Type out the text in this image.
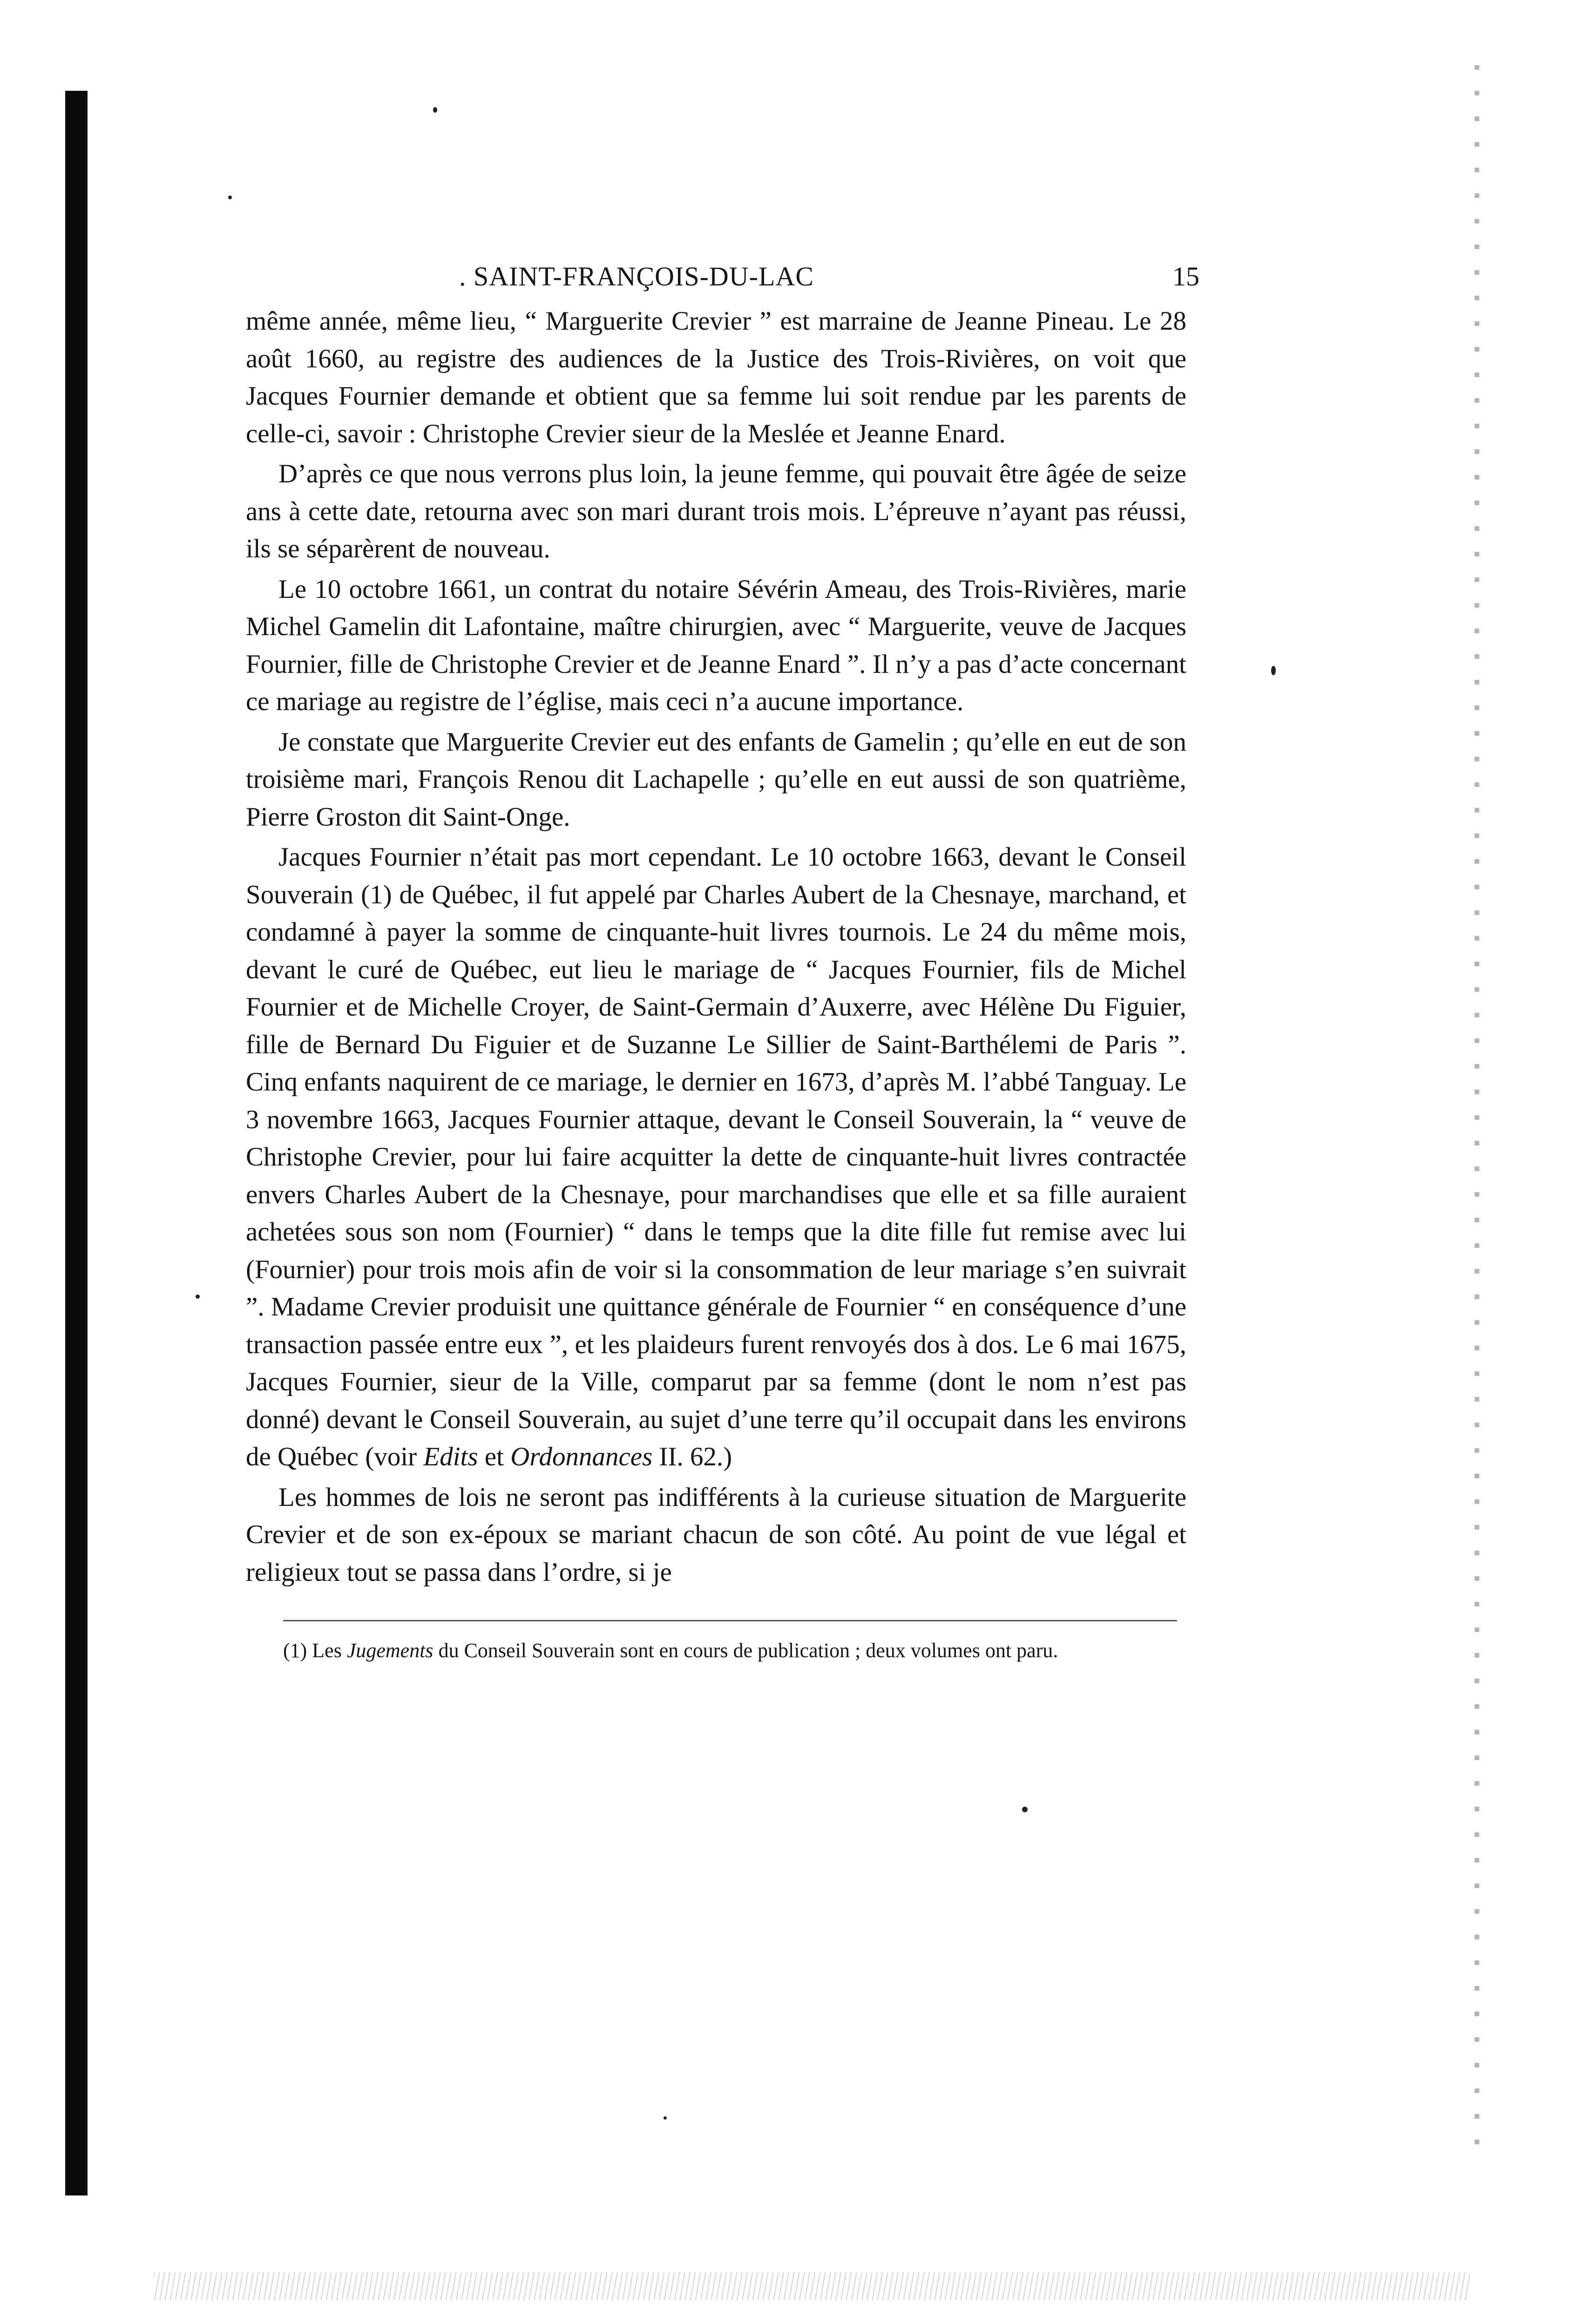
. SAINT-FRANÇOIS-DU-LAC	15

même année, même lieu, “ Marguerite Crevier ” est marraine de Jeanne Pineau. Le 28 août 1660, au registre des audiences de la Justice des Trois-Rivières, on voit que Jacques Fournier demande et obtient que sa femme lui soit rendue par les parents de celle-ci, savoir : Christophe Crevier sieur de la Meslée et Jeanne Enard.

D’après ce que nous verrons plus loin, la jeune femme, qui pouvait être âgée de seize ans à cette date, retourna avec son mari durant trois mois. L’épreuve n’ayant pas réussi, ils se séparèrent de nouveau.

Le 10 octobre 1661, un contrat du notaire Sévérin Ameau, des Trois-Rivières, marie Michel Gamelin dit Lafontaine, maître chirurgien, avec “ Marguerite, veuve de Jacques Fournier, fille de Christophe Crevier et de Jeanne Enard ”. Il n’y a pas d’acte concernant ce mariage au registre de l’église, mais ceci n’a aucune importance.

Je constate que Marguerite Crevier eut des enfants de Gamelin ; qu’elle en eut de son troisième mari, François Renou dit Lachapelle ; qu’elle en eut aussi de son quatrième, Pierre Groston dit Saint-Onge.

Jacques Fournier n’était pas mort cependant. Le 10 octobre 1663, devant le Conseil Souverain (1) de Québec, il fut appelé par Charles Aubert de la Chesnaye, marchand, et condamné à payer la somme de cinquante-huit livres tournois. Le 24 du même mois, devant le curé de Québec, eut lieu le mariage de “ Jacques Fournier, fils de Michel Fournier et de Michelle Croyer, de Saint-Germain d’Auxerre, avec Hélène Du Figuier, fille de Bernard Du Figuier et de Suzanne Le Sillier de Saint-Barthélemi de Paris ”. Cinq enfants naquirent de ce mariage, le dernier en 1673, d’après M. l’abbé Tanguay. Le 3 novembre 1663, Jacques Fournier attaque, devant le Conseil Souverain, la “ veuve de Christophe Crevier, pour lui faire acquitter la dette de cinquante-huit livres contractée envers Charles Aubert de la Chesnaye, pour marchandises que elle et sa fille auraient achetées sous son nom (Fournier) “ dans le temps que la dite fille fut remise avec lui (Fournier) pour trois mois afin de voir si la consommation de leur mariage s’en suivrait ”. Madame Crevier produisit une quittance générale de Fournier “ en conséquence d’une transaction passée entre eux ”, et les plaideurs furent renvoyés dos à dos. Le 6 mai 1675, Jacques Fournier, sieur de la Ville, comparut par sa femme (dont le nom n’est pas donné) devant le Conseil Souverain, au sujet d’une terre qu’il occupait dans les environs de Québec (voir Edits et Ordonnances II. 62.)

Les hommes de lois ne seront pas indifférents à la curieuse situation de Marguerite Crevier et de son ex-époux se mariant chacun de son côté. Au point de vue légal et religieux tout se passa dans l’ordre, si je

(1) Les Jugements du Conseil Souverain sont en cours de publication ; deux volumes ont paru.
